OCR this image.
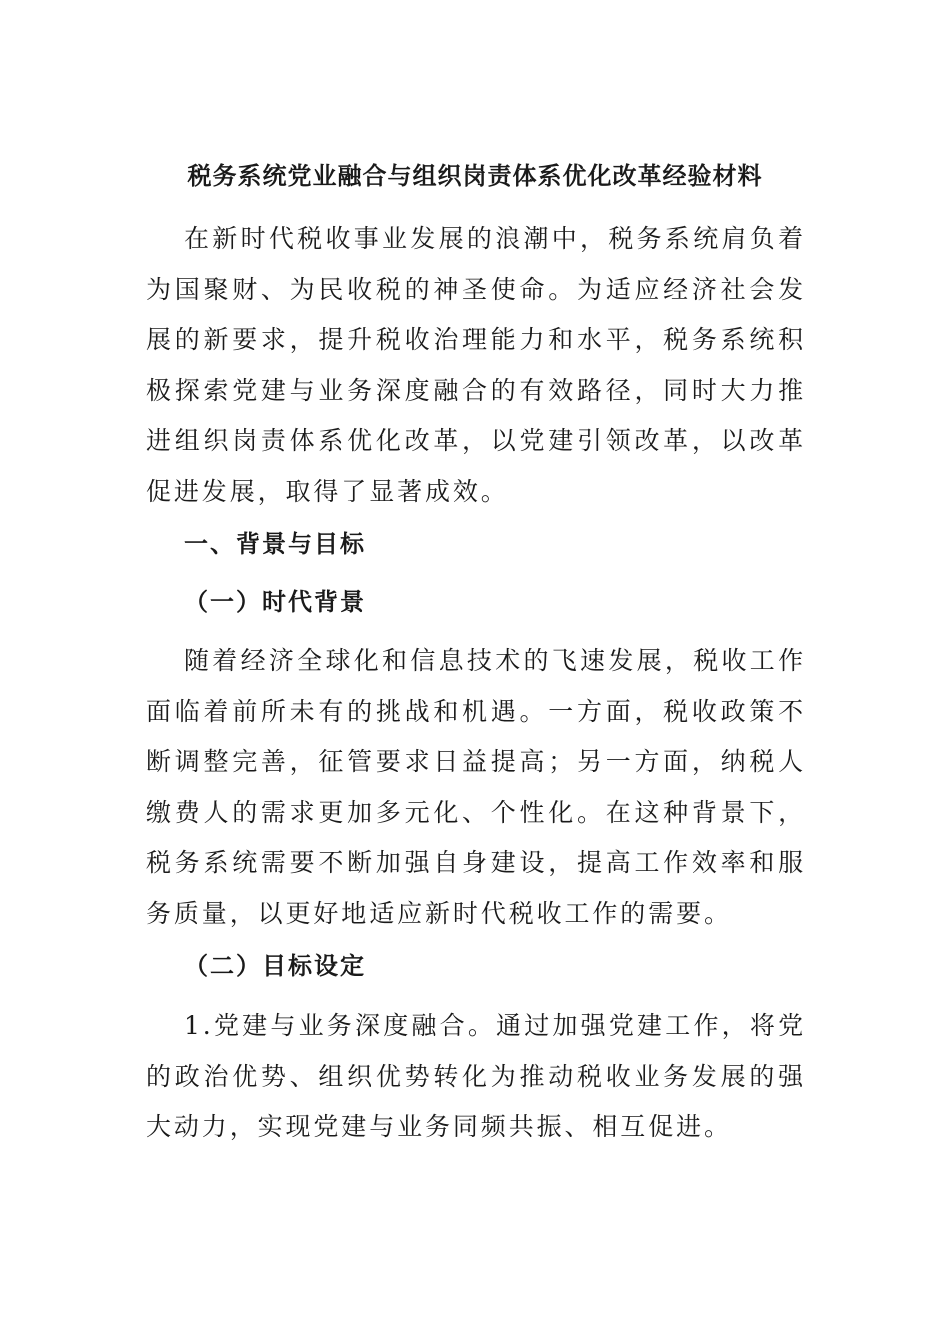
税务系统党业融合与组织岗责体系优化改革经验材料

在新时代税收事业发展的浪潮中，税务系统肩负着为国聚财、为民收税的神圣使命。为适应经济社会发展的新要求，提升税收治理能力和水平，税务系统积极探索党建与业务深度融合的有效路径，同时大力推进组织岗责体系优化改革，以党建引领改革，以改革促进发展，取得了显著成效。

一、背景与目标
（一）时代背景

随着经济全球化和信息技术的飞速发展，税收工作面临着前所未有的挑战和机遇。一方面，税收政策不断调整完善，征管要求日益提高；另一方面，纳税人缴费人的需求更加多元化、个性化。在这种背景下，税务系统需要不断加强自身建设，提高工作效率和服务质量，以更好地适应新时代税收工作的需要。

（二）目标设定

1.党建与业务深度融合。通过加强党建工作，将党的政治优势、组织优势转化为推动税收业务发展的强大动力，实现党建与业务同频共振、相互促进。
